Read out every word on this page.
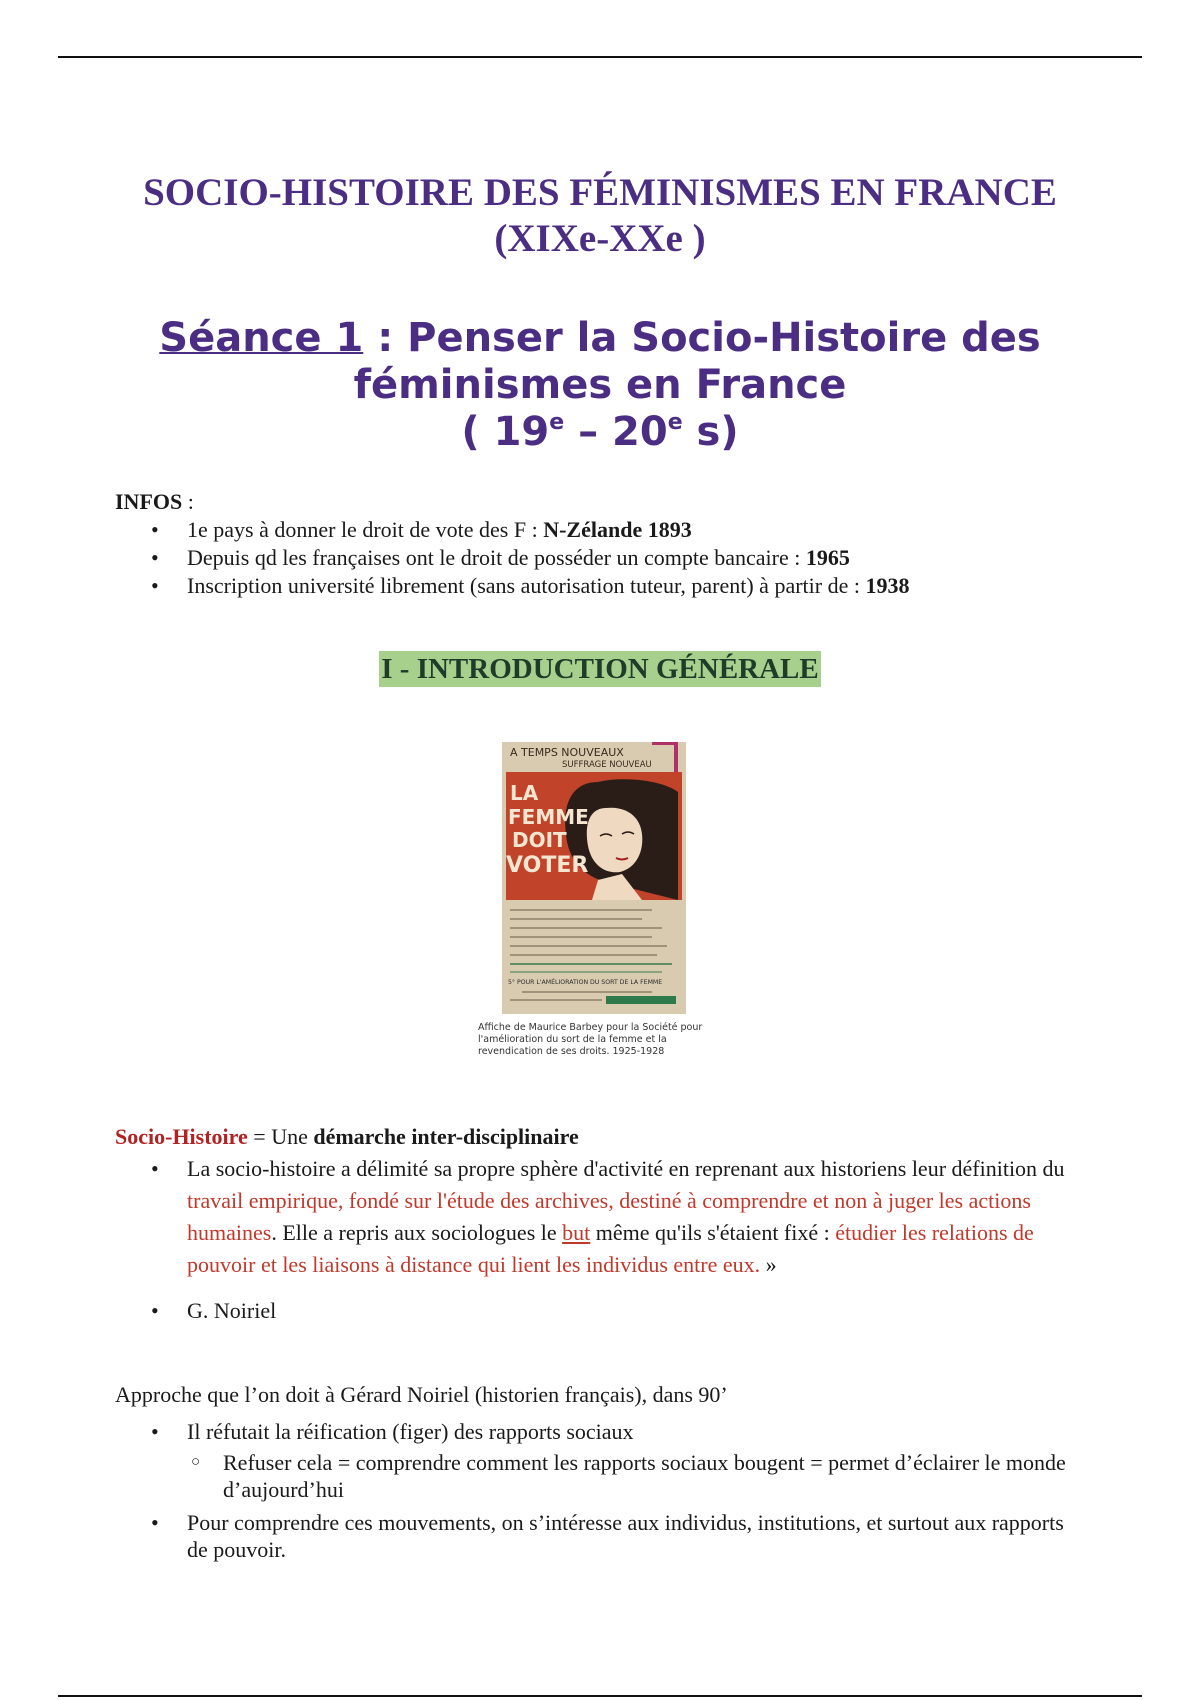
SOCIO-HISTOIRE DES FÉMINISMES EN FRANCE
(XIXe-XXe )
Séance 1 : Penser la Socio-Histoire des
féminismes en France
( 19e – 20e s)
INFOS :
• 1e pays à donner le droit de vote des F : N-Zélande 1893
• Depuis qd les françaises ont le droit de posséder un compte bancaire : 1965
• Inscription université librement (sans autorisation tuteur, parent) à partir de : 1938
I - INTRODUCTION GÉNÉRALE
A TEMPS NOUVEAUX
SUFFRAGE NOUVEAU
LA
FEMME
DOIT
VOTER
5° POUR L'AMÉLIORATION DU SORT DE LA FEMME
Affiche de Maurice Barbey pour la Société pour l'amélioration du sort de la femme et la revendication de ses droits. 1925-1928
Socio-Histoire = Une démarche inter-disciplinaire
• La socio-histoire a délimité sa propre sphère d'activité en reprenant aux historiens leur définition du travail empirique, fondé sur l'étude des archives, destiné à comprendre et non à juger les actions humaines. Elle a repris aux sociologues le but même qu'ils s'étaient fixé : étudier les relations de pouvoir et les liaisons à distance qui lient les individus entre eux. »
• G. Noiriel
Approche que l’on doit à Gérard Noiriel (historien français), dans 90’
• Il réfutait la réification (figer) des rapports sociaux
○ Refuser cela = comprendre comment les rapports sociaux bougent = permet d’éclairer le monde d’aujourd’hui
• Pour comprendre ces mouvements, on s’intéresse aux individus, institutions, et surtout aux rapports de pouvoir.
